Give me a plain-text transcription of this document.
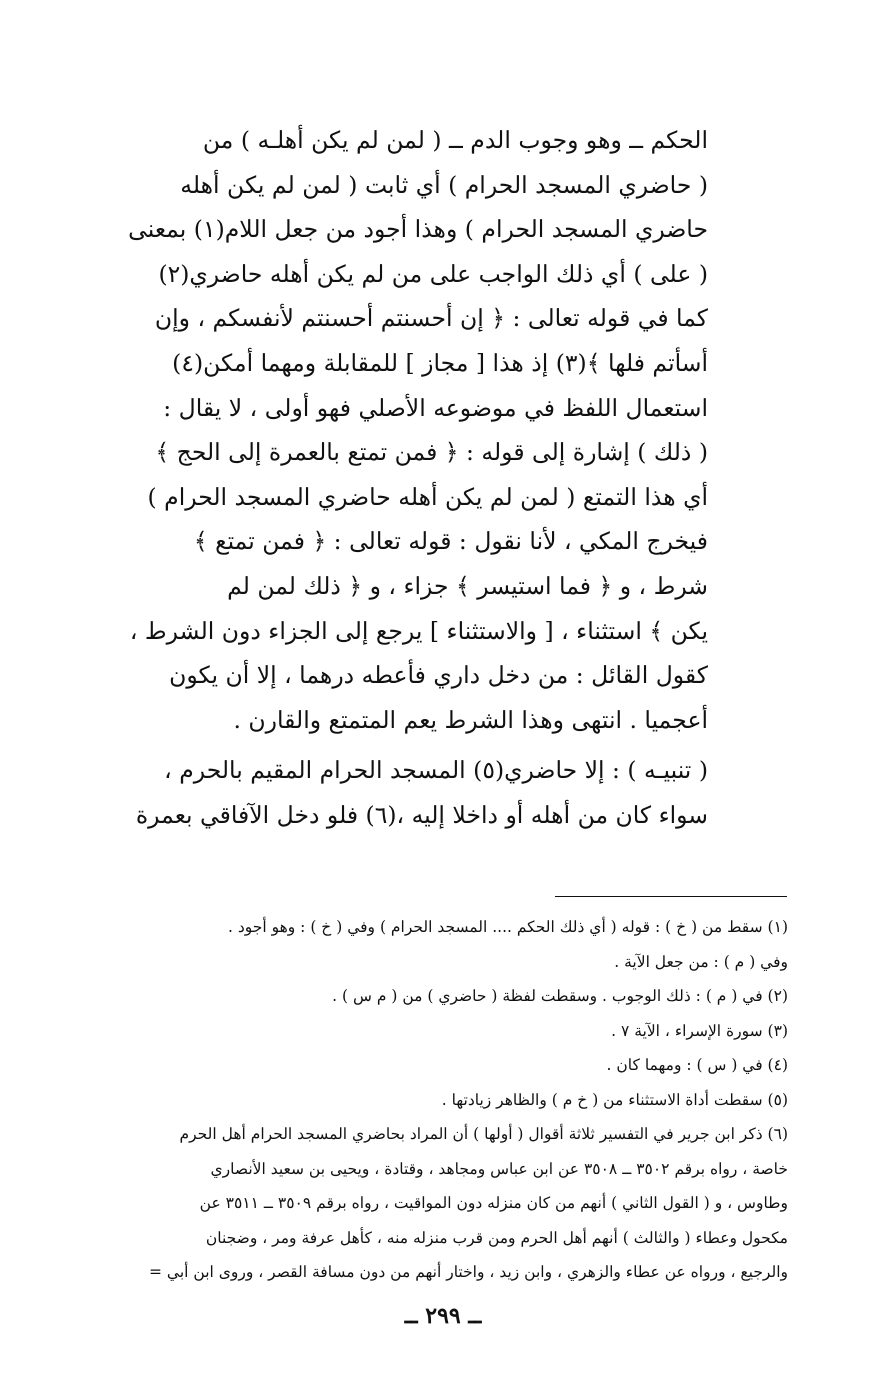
الحكم ــ وهو وجوب الدم ــ ( لمن لم يكن أهلـه ) من
( حاضري المسجد الحرام ) أي ثابت ( لمن لم يكن أهله
حاضري المسجد الحرام ) وهذا أجود من جعل اللام(١) بمعنى
( على ) أي ذلك الواجب على من لم يكن أهله حاضري(٢)
كما في قوله تعالى : ﴿ إن أحسنتم أحسنتم لأنفسكم ، وإن
أسأتم فلها ﴾(٣) إذ هذا [ مجاز ] للمقابلة ومهما أمكن(٤)
استعمال اللفظ في موضوعه الأصلي فهو أولى ، لا يقال :
( ذلك ) إشارة إلى قوله : ﴿ فمن تمتع بالعمرة إلى الحج ﴾
أي هذا التمتع ( لمن لم يكن أهله حاضري المسجد الحرام )
فيخرج المكي ، لأنا نقول : قوله تعالى : ﴿ فمن تمتع ﴾
شرط ، و ﴿ فما استيسر ﴾ جزاء ، و ﴿ ذلك لمن لم
يكن ﴾ استثناء ، [ والاستثناء ] يرجع إلى الجزاء دون الشرط ،
كقول القائل : من دخل داري فأعطه درهما ، إلا أن يكون
أعجميا . انتهى وهذا الشرط يعم المتمتع والقارن .
( تنبيـه ) : إلا حاضري(٥) المسجد الحرام المقيم بالحرم ،
سواء كان من أهله أو داخلا إليه ،(٦) فلو دخل الآفاقي بعمرة
(١) سقط من ( خ ) : قوله ( أي ذلك الحكم .... المسجد الحرام ) وفي ( خ ) : وهو أجود .
وفي ( م ) : من جعل الآية .
(٢) في ( م ) : ذلك الوجوب . وسقطت لفظة ( حاضري ) من ( م س ) .
(٣) سورة الإسراء ، الآية ٧ .
(٤) في ( س ) : ومهما كان .
(٥) سقطت أداة الاستثناء من ( خ م ) والظاهر زيادتها .
(٦) ذكر ابن جرير في التفسير ثلاثة أقوال ( أولها ) أن المراد بحاضري المسجد الحرام أهل الحرم
خاصة ، رواه برقم ٣٥٠٢ ــ ٣٥٠٨ عن ابن عباس ومجاهد ، وقتادة ، ويحيى بن سعيد الأنصاري
وطاوس ، و ( القول الثاني ) أنهم من كان منزله دون المواقيت ، رواه برقم ٣٥٠٩ ــ ٣٥١١ عن
مكحول وعطاء ( والثالث ) أنهم أهل الحرم ومن قرب منزله منه ، كأهل عرفة ومر ، وضجنان
والرجيع ، ورواه عن عطاء والزهري ، وابن زيد ، واختار أنهم من دون مسافة القصر ، وروى ابن أبي =
ــ ٢٩٩ ــ
